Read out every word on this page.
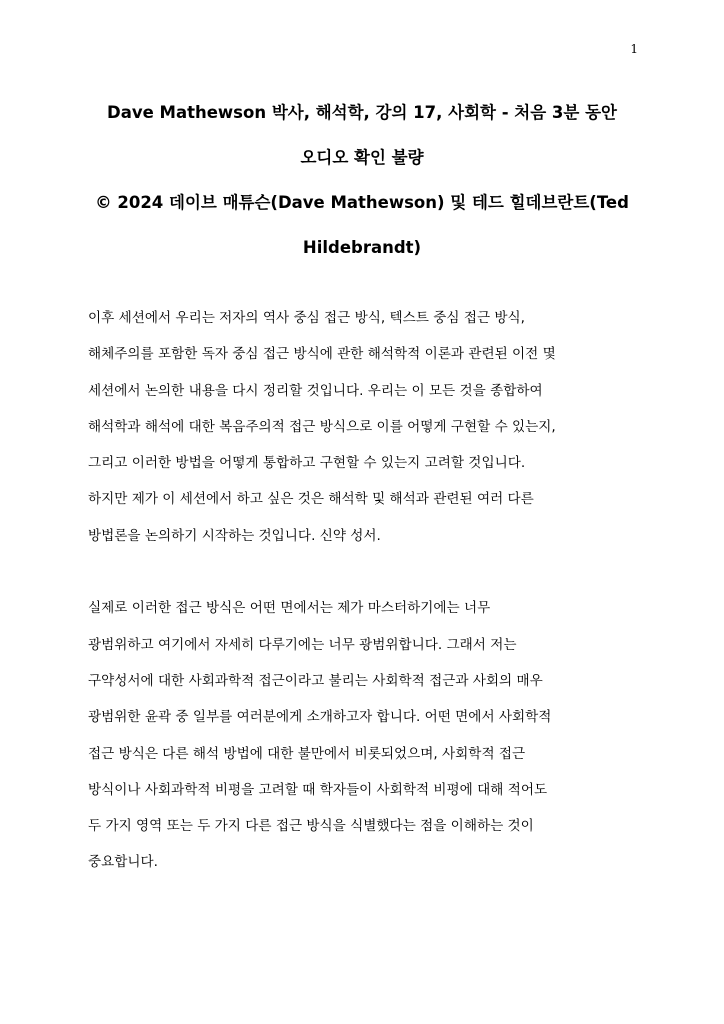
1
Dave Mathewson 박사, 해석학, 강의 17, 사회학 - 처음 3분 동안
오디오 확인 불량
© 2024 데이브 매튜슨(Dave Mathewson) 및 테드 힐데브란트(Ted
Hildebrandt)
이후 세션에서 우리는 저자의 역사 중심 접근 방식, 텍스트 중심 접근 방식,
해체주의를 포함한 독자 중심 접근 방식에 관한 해석학적 이론과 관련된 이전 몇
세션에서 논의한 내용을 다시 정리할 것입니다. 우리는 이 모든 것을 종합하여
해석학과 해석에 대한 복음주의적 접근 방식으로 이를 어떻게 구현할 수 있는지,
그리고 이러한 방법을 어떻게 통합하고 구현할 수 있는지 고려할 것입니다.
하지만 제가 이 세션에서 하고 싶은 것은 해석학 및 해석과 관련된 여러 다른
방법론을 논의하기 시작하는 것입니다. 신약 성서.
실제로 이러한 접근 방식은 어떤 면에서는 제가 마스터하기에는 너무
광범위하고 여기에서 자세히 다루기에는 너무 광범위합니다. 그래서 저는
구약성서에 대한 사회과학적 접근이라고 불리는 사회학적 접근과 사회의 매우
광범위한 윤곽 중 일부를 여러분에게 소개하고자 합니다. 어떤 면에서 사회학적
접근 방식은 다른 해석 방법에 대한 불만에서 비롯되었으며, 사회학적 접근
방식이나 사회과학적 비평을 고려할 때 학자들이 사회학적 비평에 대해 적어도
두 가지 영역 또는 두 가지 다른 접근 방식을 식별했다는 점을 이해하는 것이
중요합니다.
